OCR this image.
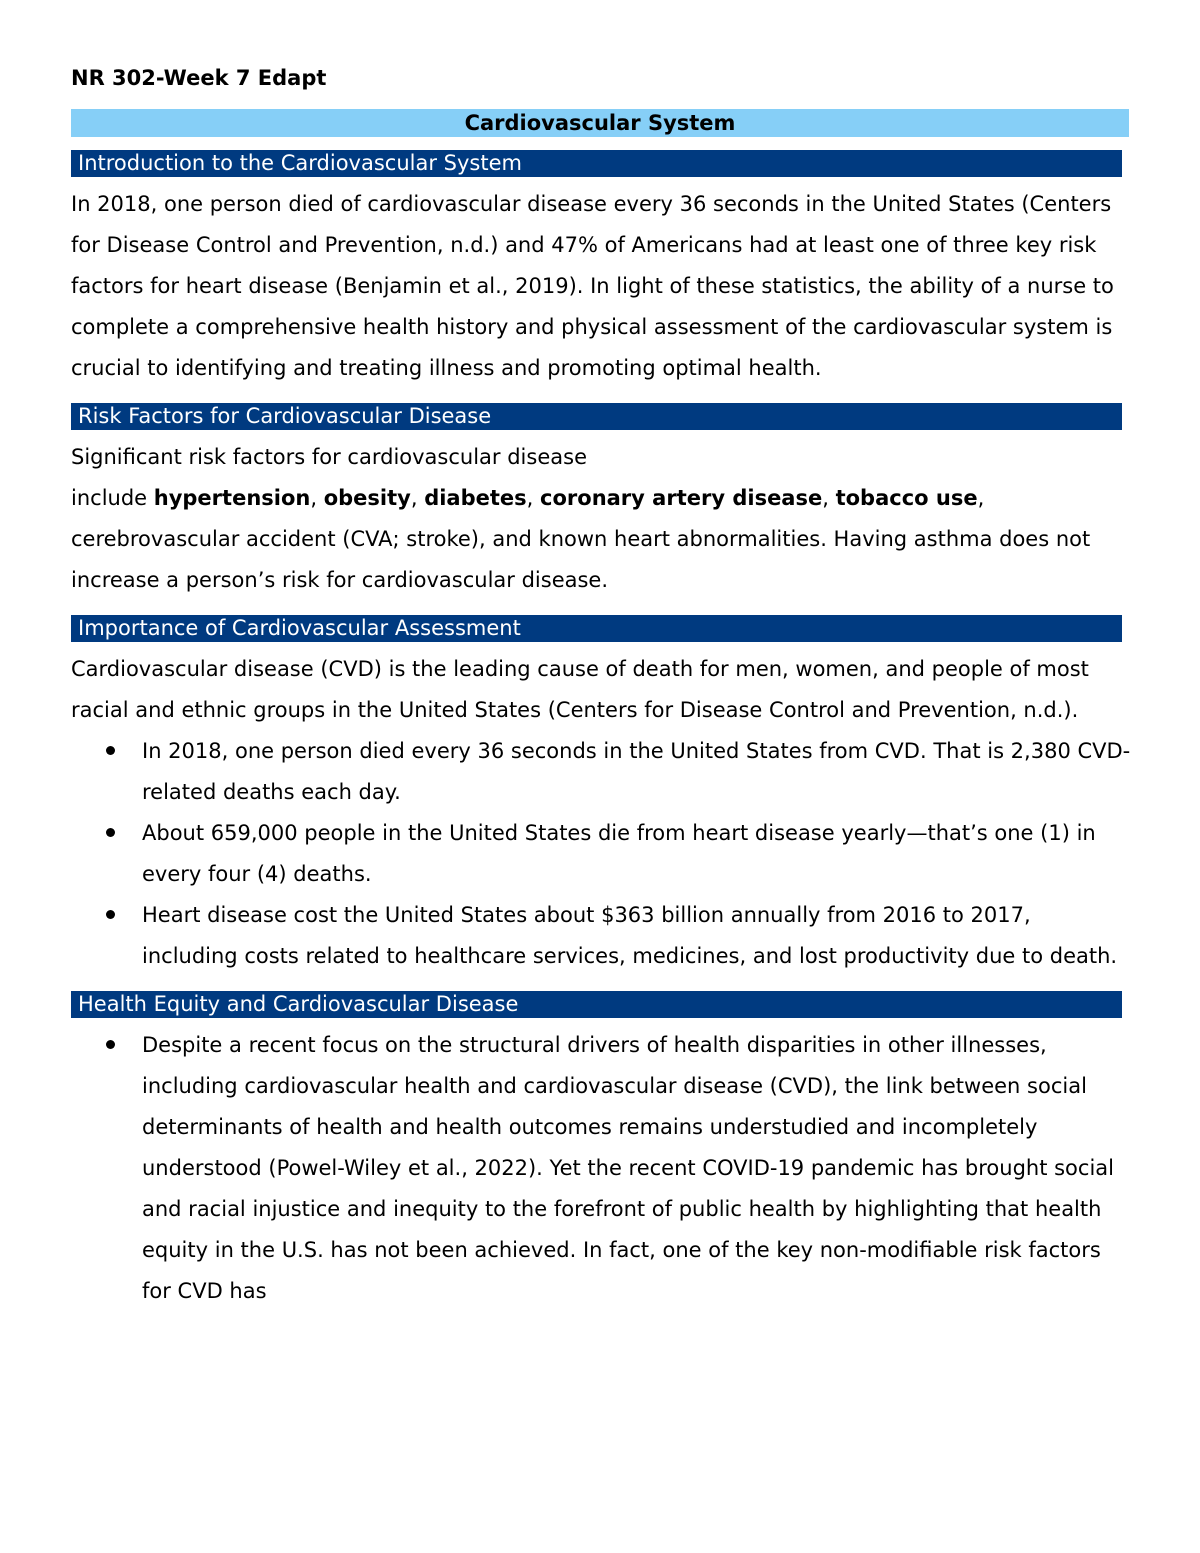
NR 302-Week 7 Edapt
Cardiovascular System
Introduction to the Cardiovascular System

In 2018, one person died of cardiovascular disease every 36 seconds in the United States (Centers for Disease Control and Prevention, n.d.) and 47% of Americans had at least one of three key risk factors for heart disease (Benjamin et al., 2019). In light of these statistics, the ability of a nurse to complete a comprehensive health history and physical assessment of the cardiovascular system is crucial to identifying and treating illness and promoting optimal health.

Risk Factors for Cardiovascular Disease

Significant risk factors for cardiovascular disease

include hypertension, obesity, diabetes, coronary artery disease, tobacco use, cerebrovascular accident (CVA; stroke), and known heart abnormalities. Having asthma does not increase a person’s risk for cardiovascular disease.

Importance of Cardiovascular Assessment

Cardiovascular disease (CVD) is the leading cause of death for men, women, and people of most racial and ethnic groups in the United States (Centers for Disease Control and Prevention, n.d.).

In 2018, one person died every 36 seconds in the United States from CVD. That is 2,380 CVD-related deaths each day.
About 659,000 people in the United States die from heart disease yearly—that’s one (1) in every four (4) deaths.
Heart disease cost the United States about $363 billion annually from 2016 to 2017, including costs related to healthcare services, medicines, and lost productivity due to death.
Health Equity and Cardiovascular Disease
Despite a recent focus on the structural drivers of health disparities in other illnesses, including cardiovascular health and cardiovascular disease (CVD), the link between social determinants of health and health outcomes remains understudied and incompletely understood (Powel-Wiley et al., 2022). Yet the recent COVID-19 pandemic has brought social and racial injustice and inequity to the forefront of public health by highlighting that health equity in the U.S. has not been achieved. In fact, one of the key non-modifiable risk factors for CVD has
